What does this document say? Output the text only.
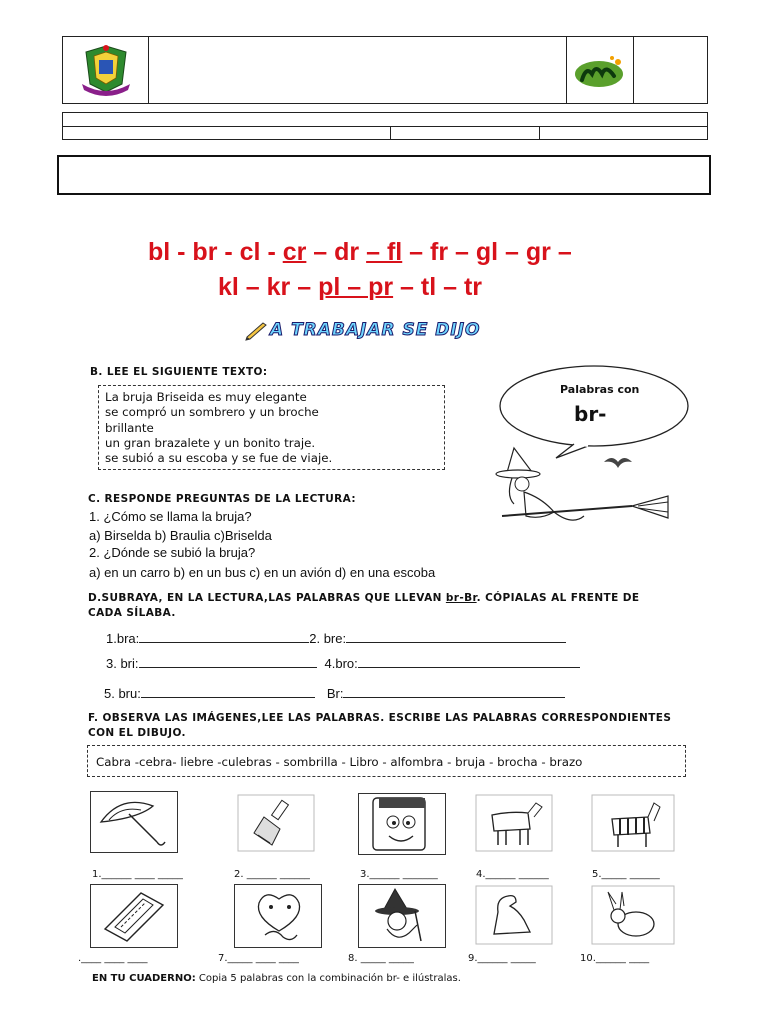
bl - br - cl - cr – dr – fl – fr – gl – gr –
kl – kr – pl – pr – tl – tr
A TRABAJAR SE DIJO
B. LEE EL SIGUIENTE TEXTO:
La bruja Briseida es muy elegante
se compró un sombrero y un broche
brillante
un gran brazalete y un bonito traje.
se subió a su escoba y se fue de viaje.
Palabras con
br-
C. RESPONDE PREGUNTAS DE LA LECTURA:
1. ¿Cómo se llama la bruja?
a) Birselda b) Braulia c)Briselda
2. ¿Dónde se subió la bruja?
a) en un carro b) en un bus c) en un avión d) en una escoba
D.SUBRAYA, EN LA LECTURA,LAS PALABRAS QUE LLEVAN br-Br. CÓPIALAS AL FRENTE DE
CADA SÍLABA.
1.bra:	2. bre:
3. bri:	4.bro:
5. bru:	Br:
F. OBSERVA LAS IMÁGENES,LEE LAS PALABRAS. ESCRIBE LAS PALABRAS CORRESPONDIENTES
CON EL DIBUJO.
Cabra -cebra- liebre -culebras - sombrilla - Libro - alfombra - bruja - brocha - brazo
1.______ ____ _____	2. ______ ______	3.______ _______	4.______ ______	5._____ ______
.____ ____ ____	7._____ ____ ____	8. _____ _____	9.______ _____	10.______ ____
EN TU CUADERNO: Copia 5 palabras con la combinación br- e ilústralas.
